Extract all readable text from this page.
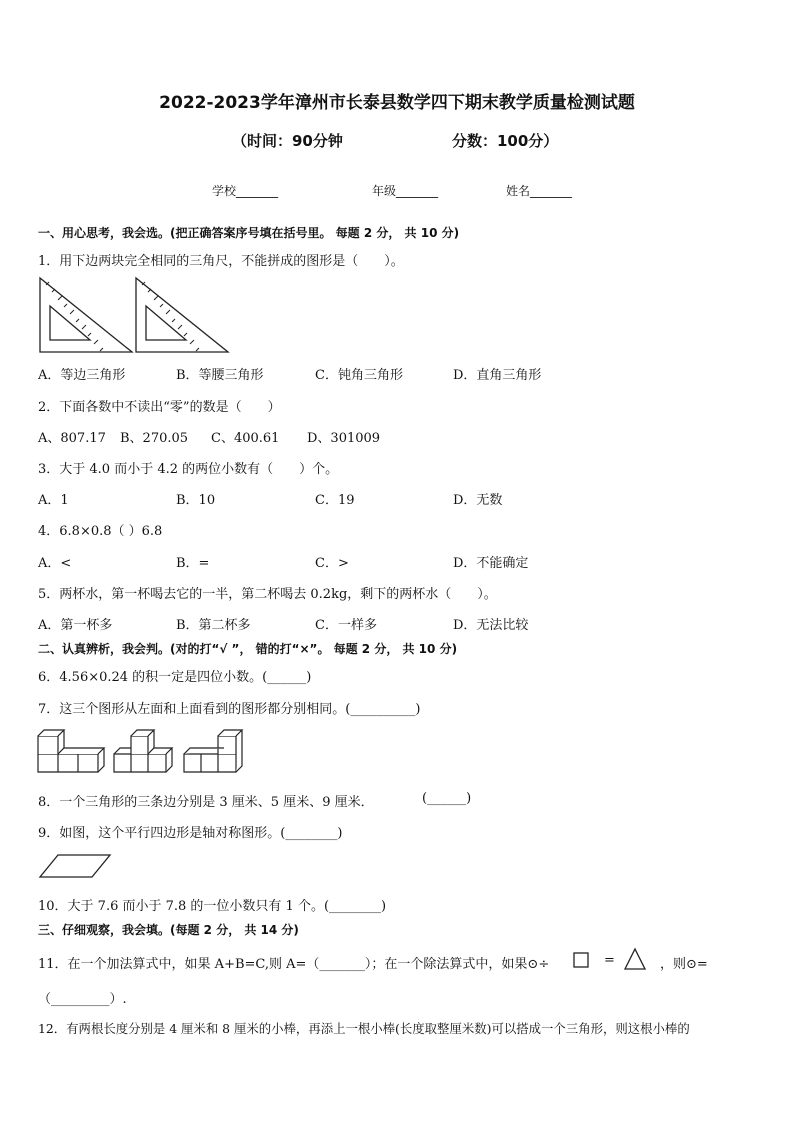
2022-2023学年漳州市长泰县数学四下期末教学质量检测试题
（时间：90分钟	分数：100分）
学校_______	年级_______	姓名_______
一、用心思考，我会选。(把正确答案序号填在括号里。 每题 2 分， 共 10 分)
1．用下边两块完全相同的三角尺，不能拼成的图形是（　　）。
A．等边三角形	B．等腰三角形	C．钝角三角形	D．直角三角形
2．下面各数中不读出“零”的数是（　　）
A、807.17 B、270.05 C、400.61 D、301009
3．大于 4.0 而小于 4.2 的两位小数有（　　）个。
A．1	B．10	C．19	D．无数
4．6.8×0.8（ ）6.8
A．<	B．=	C．>	D．不能确定
5．两杯水，第一杯喝去它的一半，第二杯喝去 0.2kg，剩下的两杯水（　　）。
A．第一杯多	B．第二杯多	C．一样多	D．无法比较
二、认真辨析，我会判。(对的打“√ ”， 错的打“×”。 每题 2 分， 共 10 分)
6．4.56×0.24 的积一定是四位小数。(______)
7．这三个图形从左面和上面看到的图形都分别相同。(__________)
8．一个三角形的三条边分别是 3 厘米、5 厘米、9 厘米．	(______)
9．如图，这个平行四边形是轴对称图形。(________)
10．大于 7.6 而小于 7.8 的一位小数只有 1 个。(________)
三、仔细观察，我会填。(每题 2 分， 共 14 分)
11．在一个加法算式中，如果 A+B=C,则 A=（_______）；在一个除法算式中，如果⊙÷	=	，则⊙=
（_________）.
12．有两根长度分别是 4 厘米和 8 厘米的小棒，再添上一根小棒(长度取整厘米数)可以搭成一个三角形，则这根小棒的
